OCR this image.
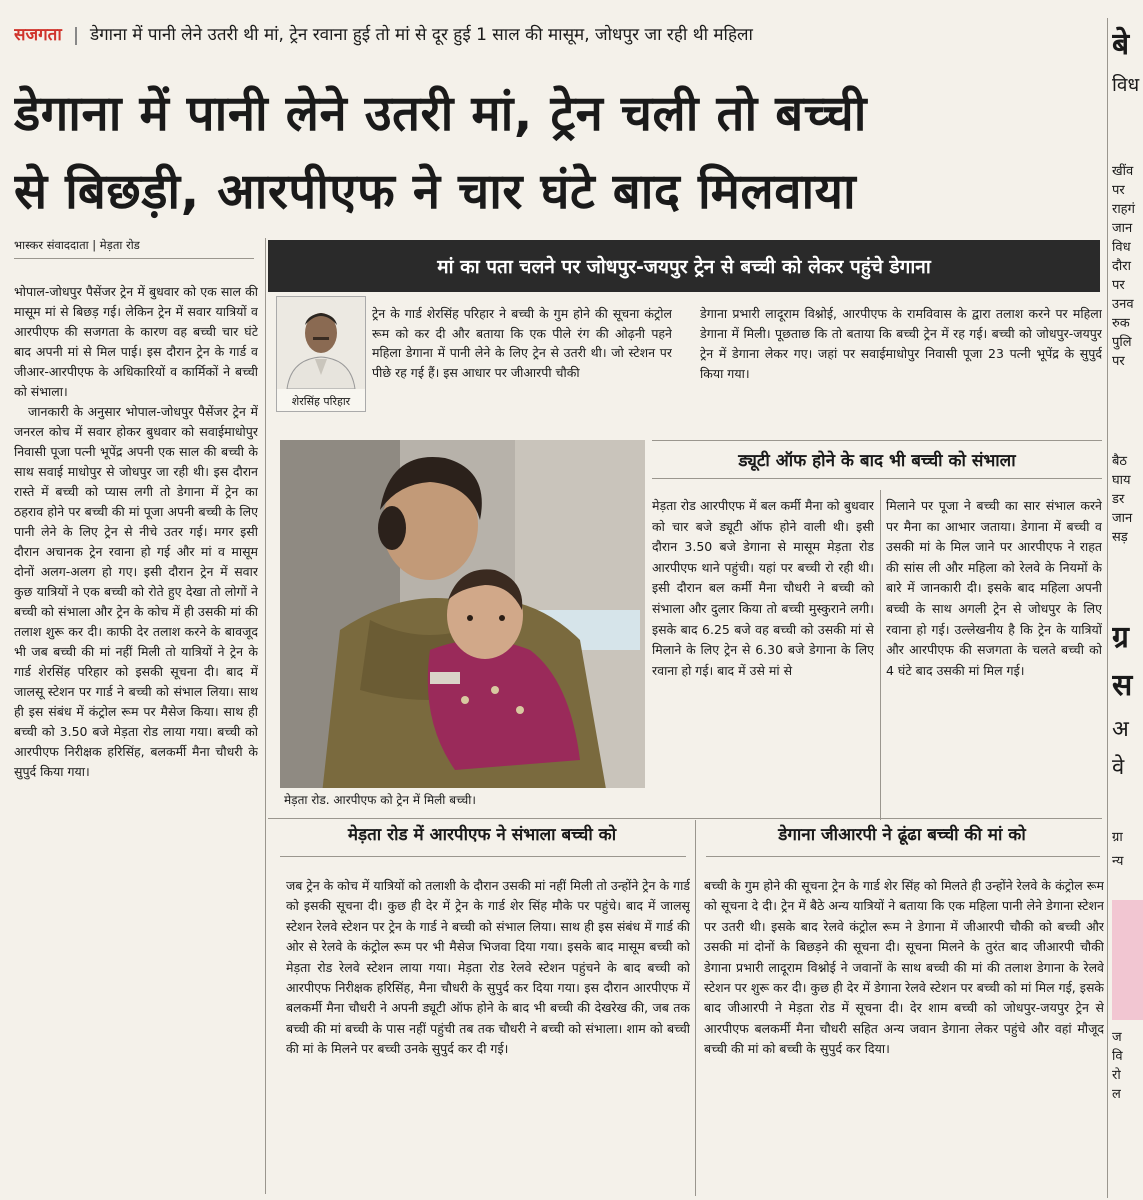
सजगता डेगाना में पानी लेने उतरी थी मां, ट्रेन रवाना हुई तो मां से दूर हुई 1 साल की मासूम, जोधपुर जा रही थी महिला
डेगाना में पानी लेने उतरी मां, ट्रेन चली तो बच्ची
से बिछड़ी, आरपीएफ ने चार घंटे बाद मिलवाया
भास्कर संवाददाता | मेड़ता रोड

भोपाल-जोधपुर पैसेंजर ट्रेन में बुधवार को एक साल की मासूम मां से बिछड़ गई। लेकिन ट्रेन में सवार यात्रियों व आरपीएफ की सजगता के कारण वह बच्ची चार घंटे बाद अपनी मां से मिल पाई। इस दौरान ट्रेन के गार्ड व जीआर-आरपीएफ के अधिकारियों व कार्मिकों ने बच्ची को संभाला।

जानकारी के अनुसार भोपाल-जोधपुर पैसेंजर ट्रेन में जनरल कोच में सवार होकर बुधवार को सवाईमाधोपुर निवासी पूजा पत्नी भूपेंद्र अपनी एक साल की बच्ची के साथ सवाई माधोपुर से जोधपुर जा रही थी। इस दौरान रास्ते में बच्ची को प्यास लगी तो डेगाना में ट्रेन का ठहराव होने पर बच्ची की मां पूजा अपनी बच्ची के लिए पानी लेने के लिए ट्रेन से नीचे उतर गई। मगर इसी दौरान अचानक ट्रेन रवाना हो गई और मां व मासूम दोनों अलग-अलग हो गए। इसी दौरान ट्रेन में सवार कुछ यात्रियों ने एक बच्ची को रोते हुए देखा तो लोगों ने बच्ची को संभाला और ट्रेन के कोच में ही उसकी मां की तलाश शुरू कर दी। काफी देर तलाश करने के बावजूद भी जब बच्ची की मां नहीं मिली तो यात्रियों ने ट्रेन के गार्ड शेरसिंह परिहार को इसकी सूचना दी। बाद में जालसू स्टेशन पर गार्ड ने बच्ची को संभाल लिया। साथ ही इस संबंध में कंट्रोल रूम पर मैसेज किया। साथ ही बच्ची को 3.50 बजे मेड़ता रोड लाया गया। बच्ची को आरपीएफ निरीक्षक हरिसिंह, बलकर्मी मैना चौधरी के सुपुर्द किया गया।

मां का पता चलने पर जोधपुर-जयपुर ट्रेन से बच्ची को लेकर पहुंचे डेगाना
शेरसिंह परिहार
ट्रेन के गार्ड शेरसिंह परिहार ने बच्ची के गुम होने की सूचना कंट्रोल रूम को कर दी और बताया कि एक पीले रंग की ओढ़नी पहने महिला डेगाना में पानी लेने के लिए ट्रेन से उतरी थी। जो स्टेशन पर पीछे रह गई हैं। इस आधार पर जीआरपी चौकी
डेगाना प्रभारी लादूराम विश्नोई, आरपीएफ के रामविवास के द्वारा तलाश करने पर महिला डेगाना में मिली। पूछताछ कि तो बताया कि बच्ची ट्रेन में रह गई। बच्ची को जोधपुर-जयपुर ट्रेन में डेगाना लेकर गए। जहां पर सवाईमाधोपुर निवासी पूजा 23 पत्नी भूपेंद्र के सुपुर्द किया गया।
मेड़ता रोड. आरपीएफ को ट्रेन में मिली बच्ची।
ड्यूटी ऑफ होने के बाद भी बच्ची को संभाला
मेड़ता रोड आरपीएफ में बल कर्मी मैना को बुधवार को चार बजे ड्यूटी ऑफ होने वाली थी। इसी दौरान 3.50 बजे डेगाना से मासूम मेड़ता रोड आरपीएफ थाने पहुंची। यहां पर बच्ची रो रही थी। इसी दौरान बल कर्मी मैना चौधरी ने बच्ची को संभाला और दुलार किया तो बच्ची मुस्कुराने लगी। इसके बाद 6.25 बजे वह बच्ची को उसकी मां से मिलाने के लिए ट्रेन से 6.30 बजे डेगाना के लिए रवाना हो गई। बाद में उसे मां से
मिलाने पर पूजा ने बच्ची का सार संभाल करने पर मैना का आभार जताया। डेगाना में बच्ची व उसकी मां के मिल जाने पर आरपीएफ ने राहत की सांस ली और महिला को रेलवे के नियमों के बारे में जानकारी दी। इसके बाद महिला अपनी बच्ची के साथ अगली ट्रेन से जोधपुर के लिए रवाना हो गई। उल्लेखनीय है कि ट्रेन के यात्रियों और आरपीएफ की सजगता के चलते बच्ची को 4 घंटे बाद उसकी मां मिल गई।
मेड़ता रोड में आरपीएफ ने संभाला बच्ची को
जब ट्रेन के कोच में यात्रियों को तलाशी के दौरान उसकी मां नहीं मिली तो उन्होंने ट्रेन के गार्ड को इसकी सूचना दी। कुछ ही देर में ट्रेन के गार्ड शेर सिंह मौके पर पहुंचे। बाद में जालसू स्टेशन रेलवे स्टेशन पर ट्रेन के गार्ड ने बच्ची को संभाल लिया। साथ ही इस संबंध में गार्ड की ओर से रेलवे के कंट्रोल रूम पर भी मैसेज भिजवा दिया गया। इसके बाद मासूम बच्ची को मेड़ता रोड रेलवे स्टेशन लाया गया। मेड़ता रोड रेलवे स्टेशन पहुंचने के बाद बच्ची को आरपीएफ निरीक्षक हरिसिंह, मैना चौधरी के सुपुर्द कर दिया गया। इस दौरान आरपीएफ में बलकर्मी मैना चौधरी ने अपनी ड्यूटी ऑफ होने के बाद भी बच्ची की देखरेख की, जब तक बच्ची की मां बच्ची के पास नहीं पहुंची तब तक चौधरी ने बच्ची को संभाला। शाम को बच्ची की मां के मिलने पर बच्ची उनके सुपुर्द कर दी गई।
डेगाना जीआरपी ने ढूंढा बच्ची की मां को
बच्ची के गुम होने की सूचना ट्रेन के गार्ड शेर सिंह को मिलते ही उन्होंने रेलवे के कंट्रोल रूम को सूचना दे दी। ट्रेन में बैठे अन्य यात्रियों ने बताया कि एक महिला पानी लेने डेगाना स्टेशन पर उतरी थी। इसके बाद रेलवे कंट्रोल रूम ने डेगाना में जीआरपी चौकी को बच्ची और उसकी मां दोनों के बिछड़ने की सूचना दी। सूचना मिलने के तुरंत बाद जीआरपी चौकी डेगाना प्रभारी लादूराम विश्नोई ने जवानों के साथ बच्ची की मां की तलाश डेगाना के रेलवे स्टेशन पर शुरू कर दी। कुछ ही देर में डेगाना रेलवे स्टेशन पर बच्ची को मां मिल गई, इसके बाद जीआरपी ने मेड़ता रोड में सूचना दी। देर शाम बच्ची को जोधपुर-जयपुर ट्रेन से आरपीएफ बलकर्मी मैना चौधरी सहित अन्य जवान डेगाना लेकर पहुंचे और वहां मौजूद बच्ची की मां को बच्ची के सुपुर्द कर दिया।
बे
विध
खींव
पर
राहगं
जान
विध
दौरा
पर
उनव
रुक
पुलि
पर
बैठ
घाय
डर
जान
सड़
ग्र
स
अ
वे
ग्रा
न्य
ज
वि
रो
ल
